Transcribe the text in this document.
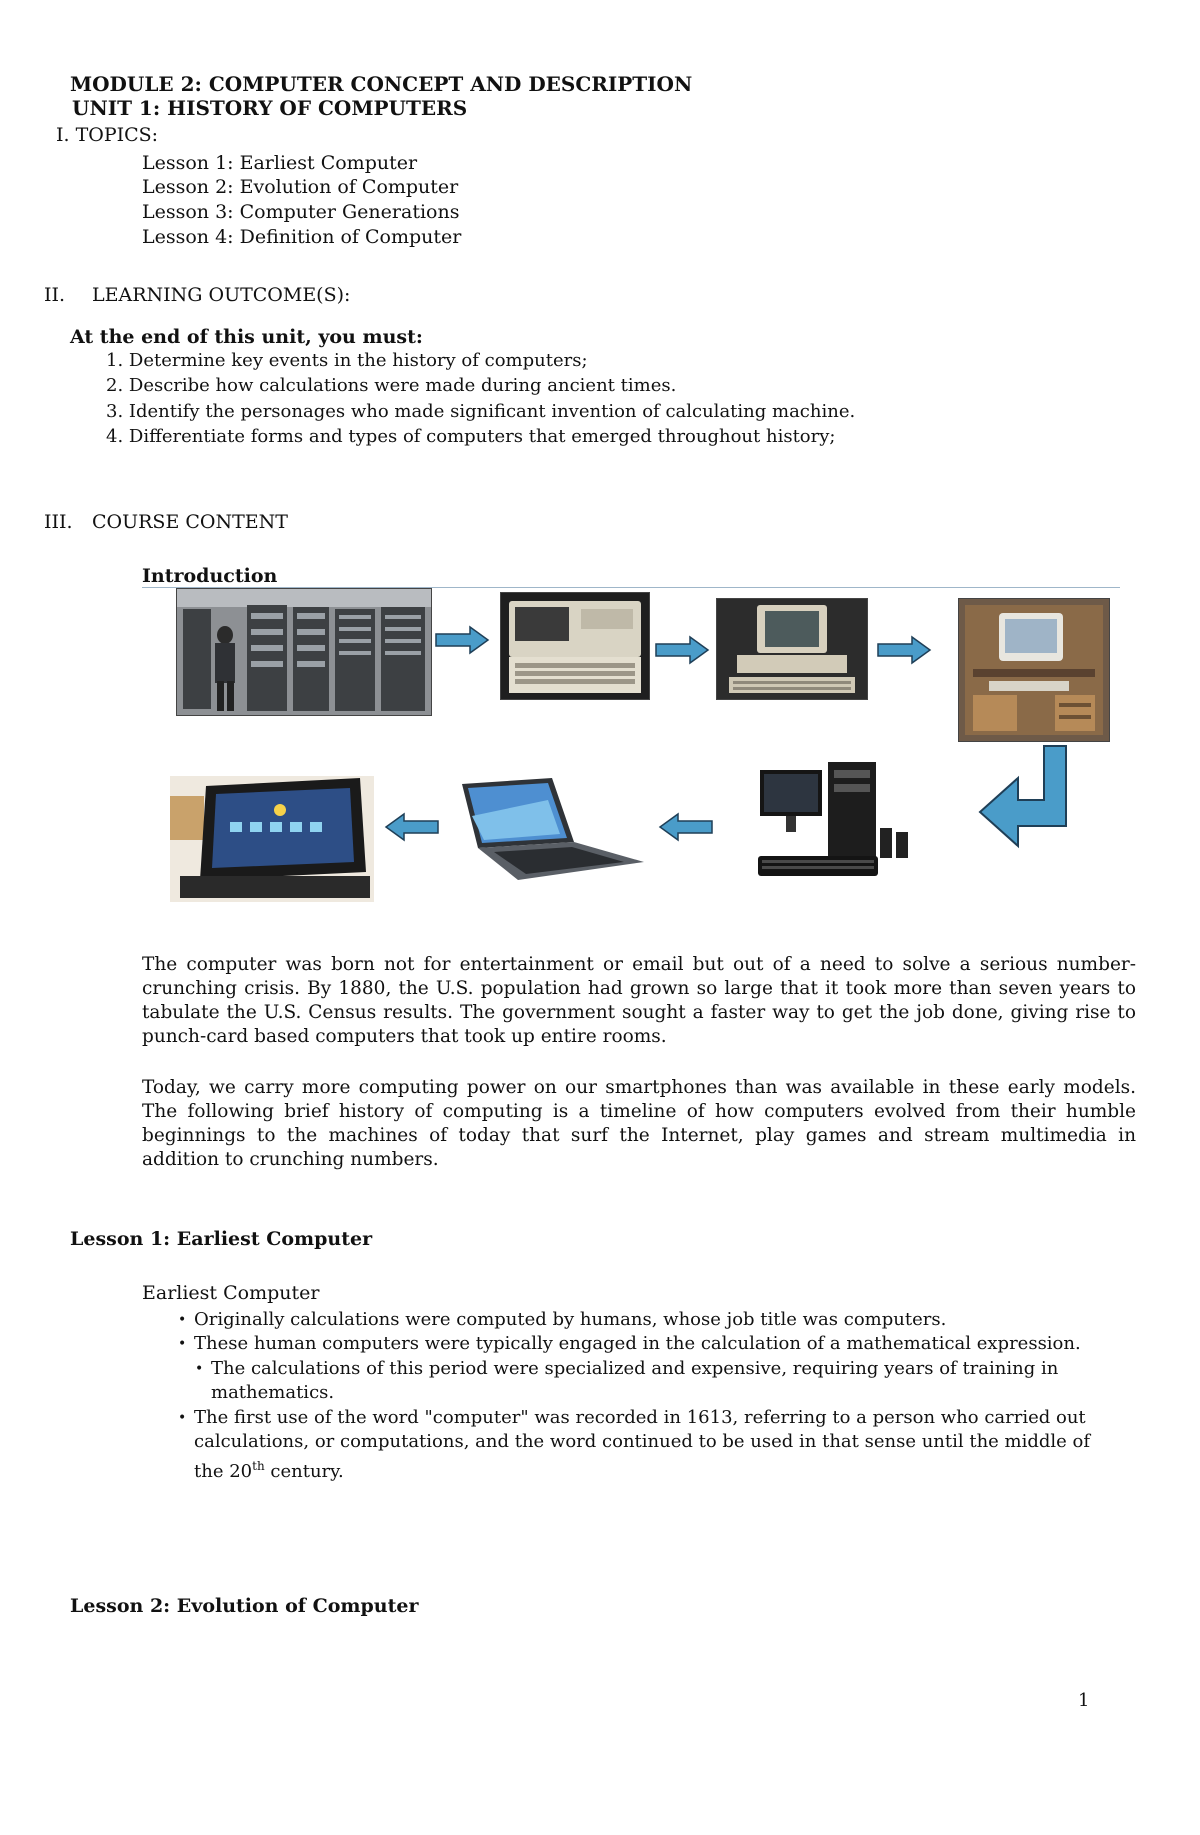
MODULE 2: COMPUTER CONCEPT AND DESCRIPTION
UNIT 1: HISTORY OF COMPUTERS
I. TOPICS:
Lesson 1: Earliest Computer
Lesson 2: Evolution of Computer
Lesson 3: Computer Generations
Lesson 4: Definition of Computer
II. LEARNING OUTCOME(S):
At the end of this unit, you must:
1. Determine key events in the history of computers;
2. Describe how calculations were made during ancient times.
3. Identify the personages who made significant invention of calculating machine.
4. Differentiate forms and types of computers that emerged throughout history;
III. COURSE CONTENT
Introduction
The computer was born not for entertainment or email but out of a need to solve a serious number-crunching crisis. By 1880, the U.S. population had grown so large that it took more than seven years to tabulate the U.S. Census results. The government sought a faster way to get the job done, giving rise to punch-card based computers that took up entire rooms.
Today, we carry more computing power on our smartphones than was available in these early models. The following brief history of computing is a timeline of how computers evolved from their humble beginnings to the machines of today that surf the Internet, play games and stream multimedia in addition to crunching numbers.
Lesson 1: Earliest Computer
Earliest Computer
• Originally calculations were computed by humans, whose job title was computers.
• These human computers were typically engaged in the calculation of a mathematical expression.
• The calculations of this period were specialized and expensive, requiring years of training in mathematics.
• The first use of the word "computer" was recorded in 1613, referring to a person who carried out calculations, or computations, and the word continued to be used in that sense until the middle of the 20th century.
Lesson 2: Evolution of Computer
1
